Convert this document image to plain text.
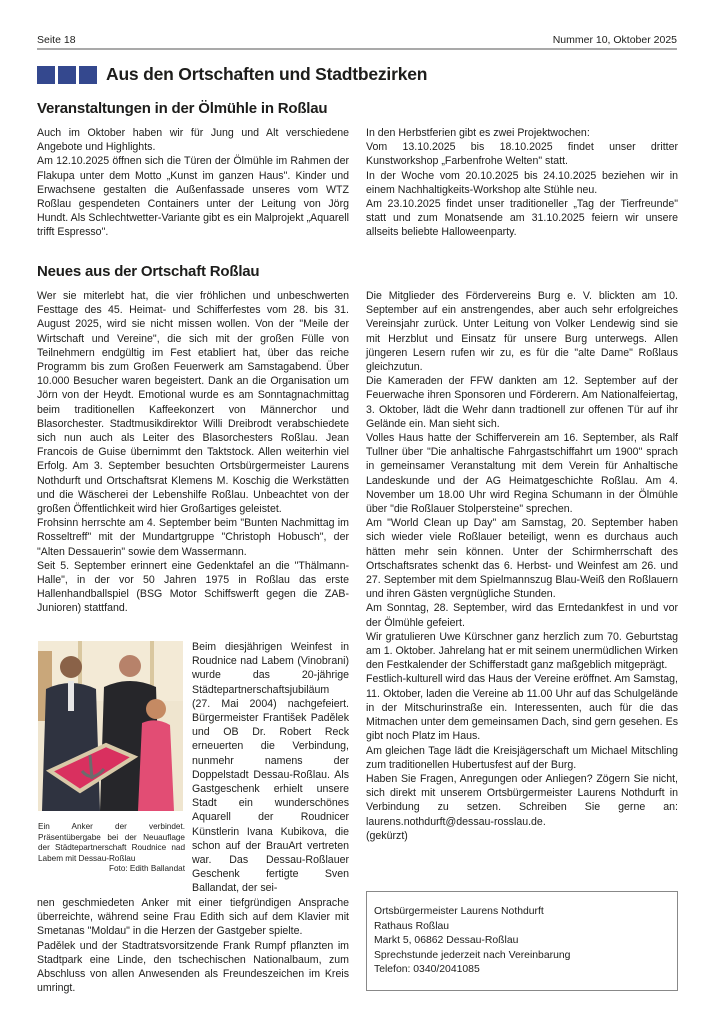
Seite 18	Nummer 10, Oktober 2025
Aus den Ortschaften und Stadtbezirken
Veranstaltungen in der Ölmühle in Roßlau

Auch im Oktober haben wir für Jung und Alt verschiedene Angebote und Highlights.

Am 12.10.2025 öffnen sich die Türen der Ölmühle im Rahmen der Flakupa unter dem Motto „Kunst im ganzen Haus". Kinder und Erwachsene gestalten die Außenfassade unseres vom WTZ Roßlau gespendeten Containers unter der Leitung von Jörg Hundt. Als Schlechtwetter-Variante gibt es ein Malprojekt „Aquarell trifft Espresso".

In den Herbstferien gibt es zwei Projektwochen:

Vom 13.10.2025 bis 18.10.2025 findet unser dritter Kunstworkshop „Farbenfrohe Welten" statt.

In der Woche vom 20.10.2025 bis 24.10.2025 beziehen wir in einem Nachhaltigkeits-Workshop alte Stühle neu.

Am 23.10.2025 findet unser traditioneller „Tag der Tierfreunde" statt und zum Monatsende am 31.10.2025 feiern wir unsere allseits beliebte Halloweenparty.

Neues aus der Ortschaft Roßlau

Wer sie miterlebt hat, die vier fröhlichen und unbeschwerten Festtage des 45. Heimat- und Schifferfestes vom 28. bis 31. August 2025, wird sie nicht missen wollen. Von der "Meile der Wirtschaft und Vereine", die sich mit der großen Fülle von Teilnehmern endgültig im Fest etabliert hat, über das reiche Programm bis zum Großen Feuerwerk am Samstagabend. Über 10.000 Besucher waren begeistert. Dank an die Organisation um Jörn von der Heydt. Emotional wurde es am Sonntagnachmittag beim traditionellen Kaffeekonzert von Männerchor und Blasorchester. Stadtmusikdirektor Willi Dreibrodt verabschiedete sich nun auch als Leiter des Blasorchesters Roßlau. Jean Francois de Guise übernimmt den Taktstock. Allen weiterhin viel Erfolg. Am 3. September besuchten Ortsbürgermeister Laurens Nothdurft und Ortschaftsrat Klemens M. Koschig die Werkstätten und die Wäscherei der Lebenshilfe Roßlau. Unbeachtet von der großen Öffentlichkeit wird hier Großartiges geleistet.

Frohsinn herrschte am 4. September beim "Bunten Nachmittag im Rosseltreff" mit der Mundartgruppe "Christoph Hobusch", der "Alten Dessauerin" sowie dem Wassermann.

Seit 5. September erinnert eine Gedenktafel an die "Thälmann-Halle", in der vor 50 Jahren 1975 in Roßlau das erste Hallenhandballspiel (BSG Motor Schiffswerft gegen die ZAB-Junioren) stattfand.

Ein Anker der verbindet. Präsentübergabe bei der Neuauflage der Städtepartnerschaft Roudnice nad Labem mit Dessau-Roßlau
Foto: Edith Ballandat

Beim diesjährigen Weinfest in Roudnice nad Labem (Vinobrani) wurde das 20-jährige Städtepartnerschaftsjubiläum (27. Mai 2004) nachgefeiert. Bürgermeister František Padělek und OB Dr. Robert Reck erneuerten die Verbindung, nunmehr namens der Doppelstadt Dessau-Roßlau. Als Gastgeschenk erhielt unsere Stadt ein wunderschönes Aquarell der Roudnicer Künstlerin Ivana Kubikova, die schon auf der BrauArt vertreten war. Das Dessau-Roßlauer Geschenk fertigte Sven Ballandat, der sei-

nen geschmiedeten Anker mit einer tiefgründigen Ansprache überreichte, während seine Frau Edith sich auf dem Klavier mit Smetanas "Moldau" in die Herzen der Gastgeber spielte.

Padělek und der Stadtratsvorsitzende Frank Rumpf pflanzten im Stadtpark eine Linde, den tschechischen Nationalbaum, zum Abschluss von allen Anwesenden als Freundeszeichen im Kreis umringt.

Die Mitglieder des Fördervereins Burg e. V. blickten am 10. September auf ein anstrengendes, aber auch sehr erfolgreiches Vereinsjahr zurück. Unter Leitung von Volker Lendewig sind sie mit Herzblut und Einsatz für unsere Burg unterwegs. Allen jüngeren Lesern rufen wir zu, es für die "alte Dame" Roßlaus gleichzutun.

Die Kameraden der FFW dankten am 12. September auf der Feuerwache ihren Sponsoren und Förderern. Am Nationalfeiertag, 3. Oktober, lädt die Wehr dann tradtionell zur offenen Tür auf ihr Gelände ein. Man sieht sich.

Volles Haus hatte der Schifferverein am 16. September, als Ralf Tullner über "Die anhaltische Fahrgastschiffahrt um 1900" sprach in gemeinsamer Veranstaltung mit dem Verein für Anhaltische Landeskunde und der AG Heimatgeschichte Roßlau. Am 4. November um 18.00 Uhr wird Regina Schumann in der Ölmühle über "die Roßlauer Stolpersteine" sprechen.

Am "World Clean up Day" am Samstag, 20. September haben sich wieder viele Roßlauer beteiligt, wenn es durchaus auch hätten mehr sein können. Unter der Schirmherrschaft des Ortschaftsrates schenkt das 6. Herbst- und Weinfest am 26. und 27. September mit dem Spielmannszug Blau-Weiß den Roßlauern und ihren Gästen vergnügliche Stunden.

Am Sonntag, 28. September, wird das Erntedankfest in und vor der Ölmühle gefeiert.

Wir gratulieren Uwe Kürschner ganz herzlich zum 70. Geburtstag am 1. Oktober. Jahrelang hat er mit seinem unermüdlichen Wirken den Festkalender der Schifferstadt ganz maßgeblich mitgeprägt.

Festlich-kulturell wird das Haus der Vereine eröffnet. Am Samstag, 11. Oktober, laden die Vereine ab 11.00 Uhr auf das Schulgelände in der Mitschurinstraße ein. Interessenten, auch für die das Mitmachen unter dem gemeinsamen Dach, sind gern gesehen. Es gibt noch Platz im Haus.

Am gleichen Tage lädt die Kreisjägerschaft um Michael Mitschling zum traditionellen Hubertusfest auf der Burg.

Haben Sie Fragen, Anregungen oder Anliegen? Zögern Sie nicht, sich direkt mit unserem Ortsbürgermeister Laurens Nothdurft in Verbindung zu setzen. Schreiben Sie gerne an: laurens.nothdurft@dessau-rosslau.de.

(gekürzt)

Ortsbürgermeister Laurens Nothdurft
Rathaus Roßlau
Markt 5, 06862 Dessau-Roßlau
Sprechstunde jederzeit nach Vereinbarung
Telefon: 0340/2041085
